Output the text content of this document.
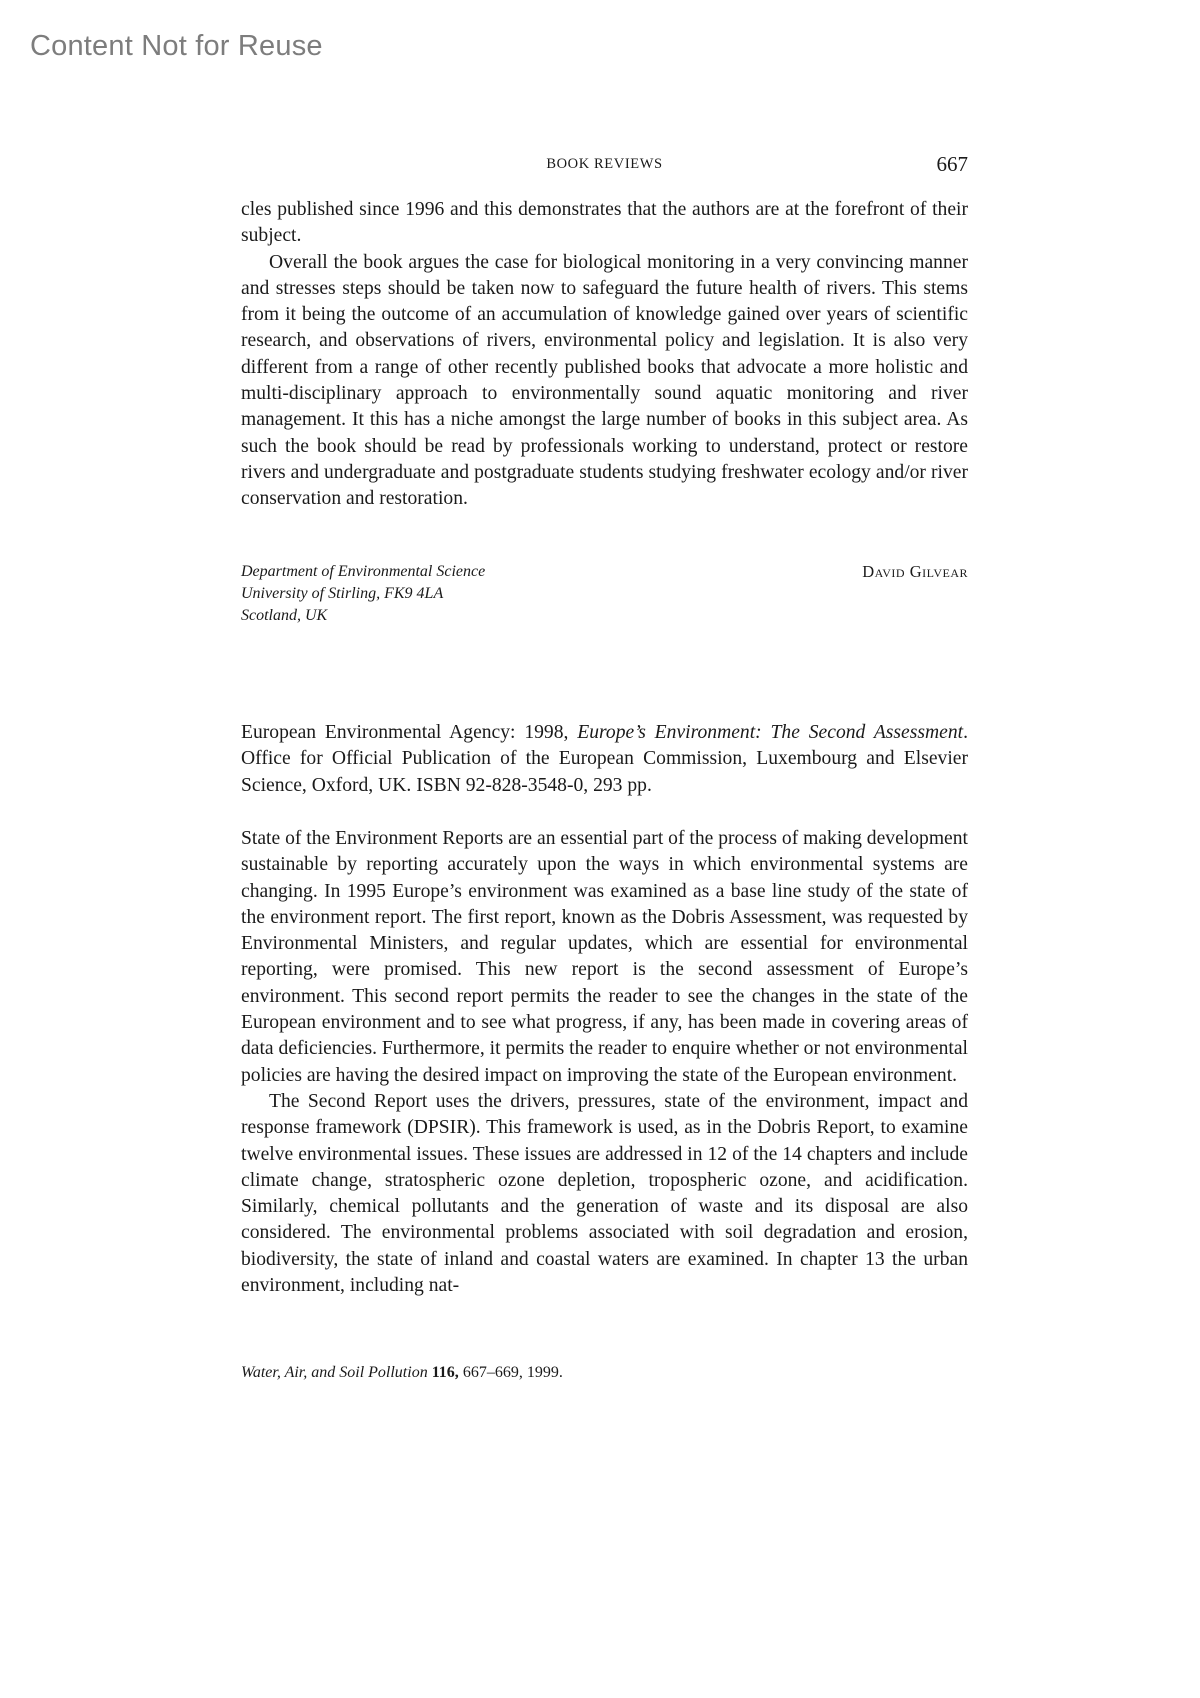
Content Not for Reuse
BOOK REVIEWS	667

cles published since 1996 and this demonstrates that the authors are at the forefront of their subject.

Overall the book argues the case for biological monitoring in a very convincing manner and stresses steps should be taken now to safeguard the future health of rivers. This stems from it being the outcome of an accumulation of knowledge gained over years of scientific research, and observations of rivers, environmental policy and legislation. It is also very different from a range of other recently published books that advocate a more holistic and multi-disciplinary approach to environmentally sound aquatic monitoring and river management. It this has a niche amongst the large number of books in this subject area. As such the book should be read by professionals working to understand, protect or restore rivers and undergraduate and postgraduate students studying freshwater ecology and/or river conservation and restoration.

Department of Environmental Science
University of Stirling, FK9 4LA
Scotland, UK
David Gilvear

European Environmental Agency: 1998, Europe’s Environment: The Second Assessment. Office for Official Publication of the European Commission, Luxembourg and Elsevier Science, Oxford, UK. ISBN 92-828-3548-0, 293 pp.

State of the Environment Reports are an essential part of the process of making development sustainable by reporting accurately upon the ways in which environmental systems are changing. In 1995 Europe’s environment was examined as a base line study of the state of the environment report. The first report, known as the Dobris Assessment, was requested by Environmental Ministers, and regular updates, which are essential for environmental reporting, were promised. This new report is the second assessment of Europe’s environment. This second report permits the reader to see the changes in the state of the European environment and to see what progress, if any, has been made in covering areas of data deficiencies. Furthermore, it permits the reader to enquire whether or not environmental policies are having the desired impact on improving the state of the European environment.

The Second Report uses the drivers, pressures, state of the environment, impact and response framework (DPSIR). This framework is used, as in the Dobris Report, to examine twelve environmental issues. These issues are addressed in 12 of the 14 chapters and include climate change, stratospheric ozone depletion, tropospheric ozone, and acidification. Similarly, chemical pollutants and the generation of waste and its disposal are also considered. The environmental problems associated with soil degradation and erosion, biodiversity, the state of inland and coastal waters are examined. In chapter 13 the urban environment, including nat-

Water, Air, and Soil Pollution 116, 667–669, 1999.
